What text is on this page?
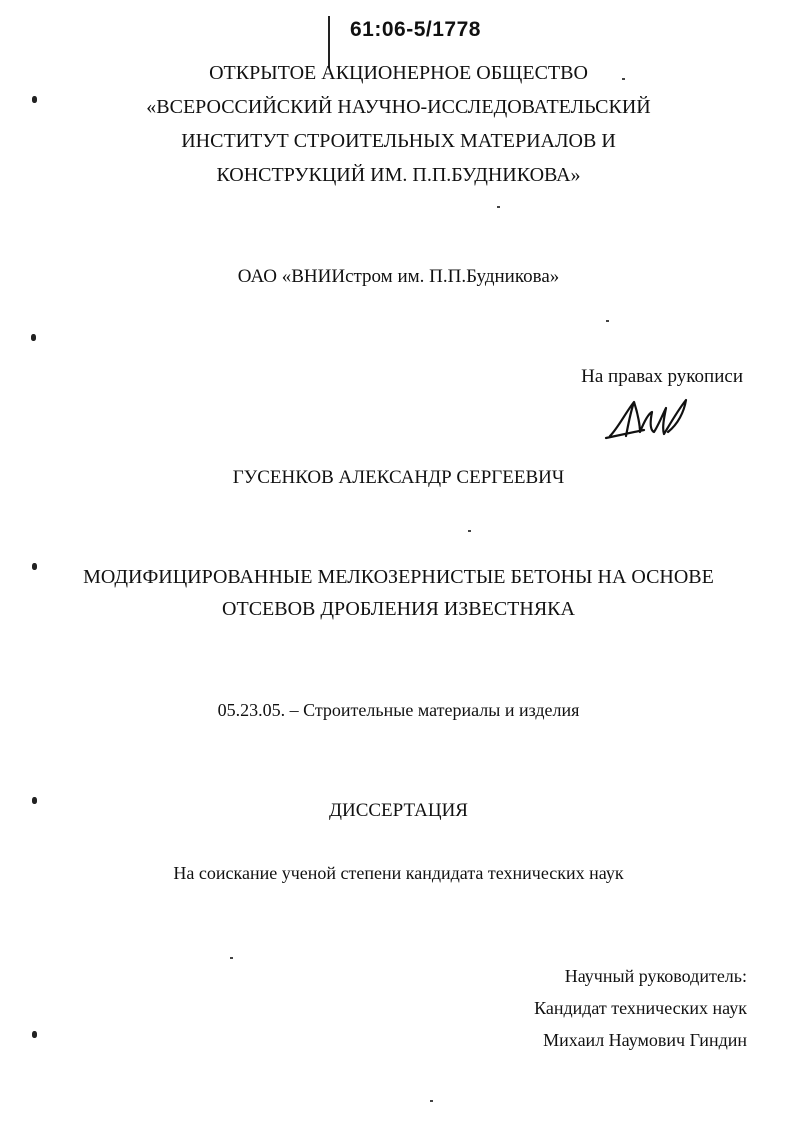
61:06-5/1778
ОТКРЫТОЕ АКЦИОНЕРНОЕ ОБЩЕСТВО
«ВСЕРОССИЙСКИЙ НАУЧНО-ИССЛЕДОВАТЕЛЬСКИЙ
ИНСТИТУТ СТРОИТЕЛЬНЫХ МАТЕРИАЛОВ И
КОНСТРУКЦИЙ ИМ. П.П.БУДНИКОВА»
ОАО «ВНИИстром им. П.П.Будникова»
На правах рукописи
ГУСЕНКОВ АЛЕКСАНДР СЕРГЕЕВИЧ
МОДИФИЦИРОВАННЫЕ МЕЛКОЗЕРНИСТЫЕ БЕТОНЫ НА ОСНОВЕ
ОТСЕВОВ ДРОБЛЕНИЯ ИЗВЕСТНЯКА
05.23.05. – Строительные материалы и изделия
ДИССЕРТАЦИЯ
На соискание ученой степени кандидата технических наук
Научный руководитель:
Кандидат технических наук
Михаил Наумович Гиндин
